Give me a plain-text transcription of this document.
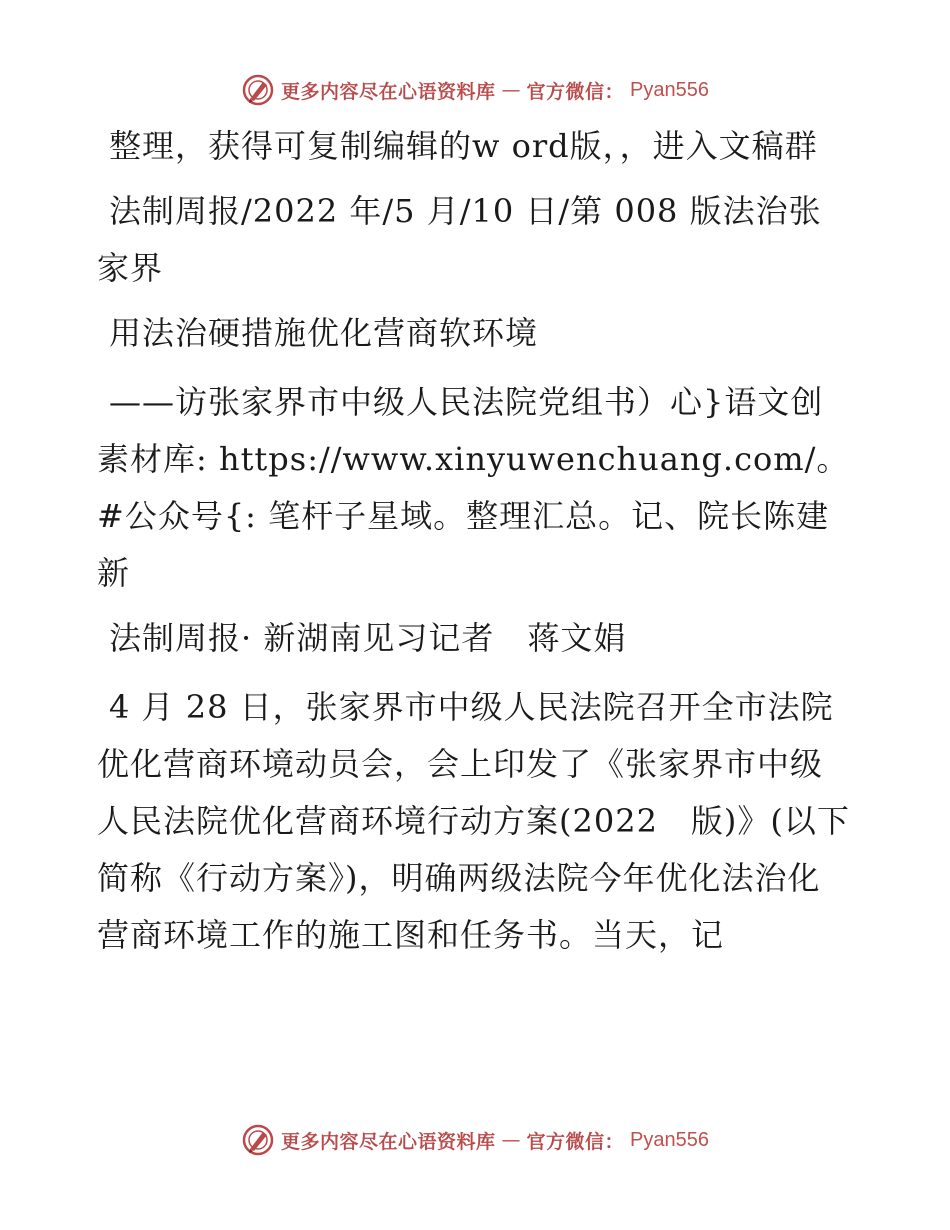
更多内容尽在心语资料库 — 官方微信： Pyan556

整理，获得可复制编辑的w ord版，，进入文稿群

法制周报/2022 年/5 月/10 日/第 008 版法治张家界

用法治硬措施优化营商软环境

——访张家界市中级人民法院党组书）心}语文创素材库: https://www.xinyuwenchuang.com/。#公众号{: 笔杆子星域。整理汇总。记、院长陈建新

法制周报· 新湖南见习记者　蒋文娟

4 月 28 日，张家界市中级人民法院召开全市法院优化营商环境动员会，会上印发了《张家界市中级人民法院优化营商环境行动方案(2022　版)》(以下简称《行动方案》)，明确两级法院今年优化法治化营商环境工作的施工图和任务书。当天，记

更多内容尽在心语资料库 — 官方微信： Pyan556
